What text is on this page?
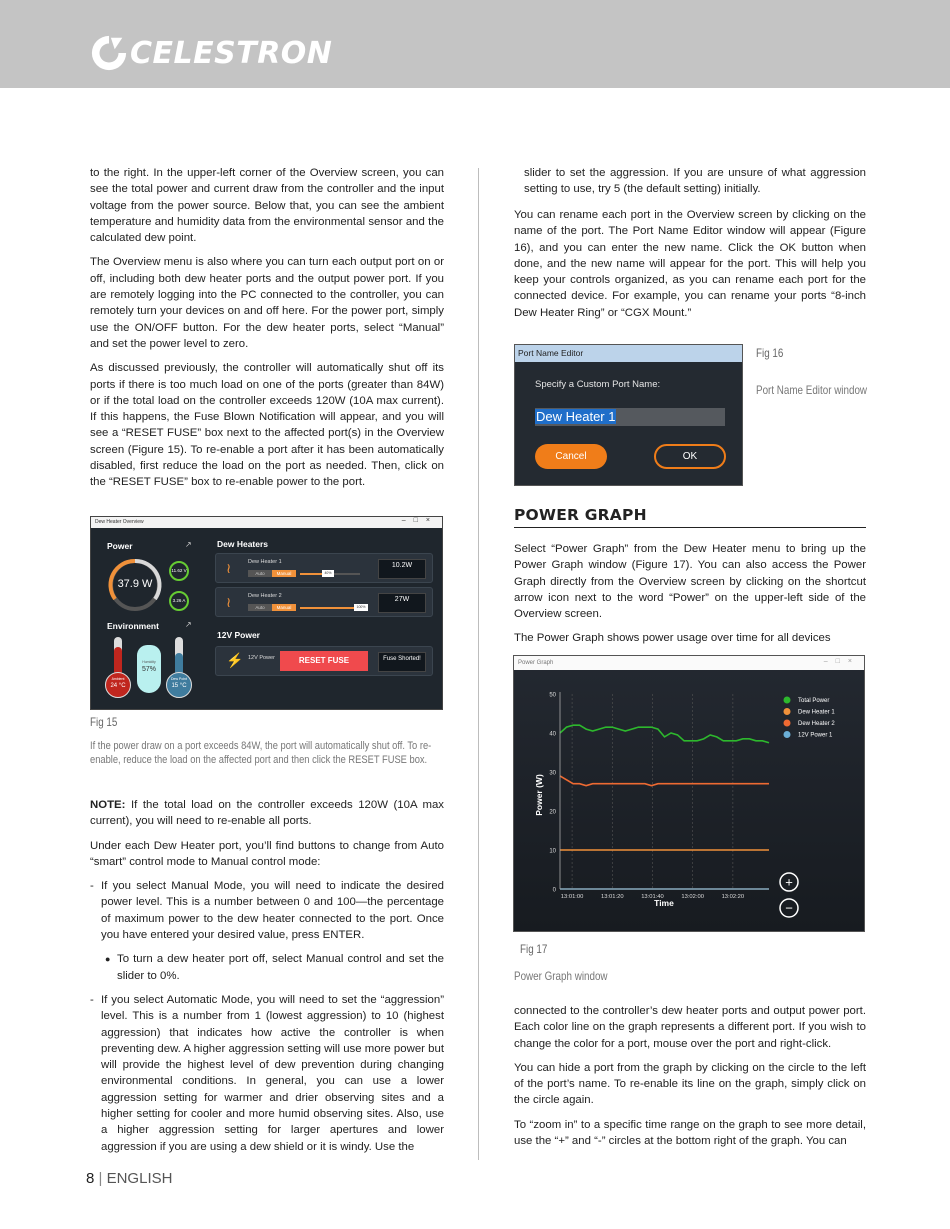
CELESTRON

to the right. In the upper-left corner of the Overview screen, you can see the total power and current draw from the controller and the input voltage from the power source. Below that, you can see the ambient temperature and humidity data from the environmental sensor and the calculated dew point.

The Overview menu is also where you can turn each output port on or off, including both dew heater ports and the output power port. If you are remotely logging into the PC connected to the controller, you can remotely turn your devices on and off here. For the power port, simply use the ON/OFF button. For the dew heater ports, select “Manual” and set the power level to zero.

As discussed previously, the controller will automatically shut off its ports if there is too much load on one of the ports (greater than 84W) or if the total load on the controller exceeds 120W (10A max current). If this happens, the Fuse Blown Notification will appear, and you will see a “RESET FUSE” box next to the affected port(s) in the Overview screen (Figure 15). To re-enable a port after it has been automatically disabled, first reduce the load on the port as needed. Then, click on the “RESET FUSE” box to re-enable power to the port.

Dew Heater Overview	–□×
Power	↗
37.9 W
11.62 V
3.26 A
Environment	↗
Ambient
24 °C
Humidity
57%
Dew Point
15 °C
Dew Heaters
≀	Dew Heater 1
Auto	Manual	40%
10.2W
≀	Dew Heater 2
Auto	Manual	100%
27W
12V Power
⚡ 12V Power	RESET FUSE	Fuse Shorted!
Fig 15
If the power draw on a port exceeds 84W, the port will automatically shut off. To re-enable, reduce the load on the affected port and then click the RESET FUSE box.

NOTE: If the total load on the controller exceeds 120W (10A max current), you will need to re-enable all ports.

Under each Dew Heater port, you’ll find buttons to change from Auto “smart” control mode to Manual control mode:

- If you select Manual Mode, you will need to indicate the desired power level. This is a number between 0 and 100—the percentage of maximum power to the dew heater connected to the port. Once you have entered your desired value, press ENTER.
● To turn a dew heater port off, select Manual control and set the slider to 0%.
- If you select Automatic Mode, you will need to set the “aggression” level. This is a number from 1 (lowest aggression) to 10 (highest aggression) that indicates how active the controller is when preventing dew. A higher aggression setting will use more power but will provide the highest level of dew prevention during changing environmental conditions. In general, you can use a lower aggression setting for warmer and drier observing sites and a higher setting for cooler and more humid observing sites. Also, use a higher aggression setting for larger apertures and lower aggression if you are using a dew shield or it is windy. Use the

slider to set the aggression. If you are unsure of what aggression setting to use, try 5 (the default setting) initially.

You can rename each port in the Overview screen by clicking on the name of the port. The Port Name Editor window will appear (Figure 16), and you can enter the new name. Click the OK button when done, and the new name will appear for the port. This will help you keep your controls organized, as you can rename each port for the connected device. For example, you can rename your ports “8-inch Dew Heater Ring” or “CGX Mount.”

Port Name Editor
Specify a Custom Port Name:
Dew Heater 1
Cancel	OK
Fig 16
Port Name Editor window
POWER GRAPH

Select “Power Graph” from the Dew Heater menu to bring up the Power Graph window (Figure 17). You can also access the Power Graph directly from the Overview screen by clicking on the shortcut arrow icon next to the word “Power” on the upper-left side of the Overview screen.

The Power Graph shows power usage over time for all devices

Power Graph	–□×
0
10
20
30
40
50
13:01:00	13:01:20	13:01:40	13:02:00	13:02:20
Total Power
Dew Heater 1
Dew Heater 2
12V Power 1
Time
Power (W)
+
−
Fig 17
Power Graph window

connected to the controller’s dew heater ports and output power port. Each color line on the graph represents a different port. If you wish to change the color for a port, mouse over the port and right-click.

You can hide a port from the graph by clicking on the circle to the left of the port’s name. To re-enable its line on the graph, simply click on the circle again.

To “zoom in” to a specific time range on the graph to see more detail, use the “+” and “-” circles at the bottom right of the graph. You can

8 | ENGLISH
